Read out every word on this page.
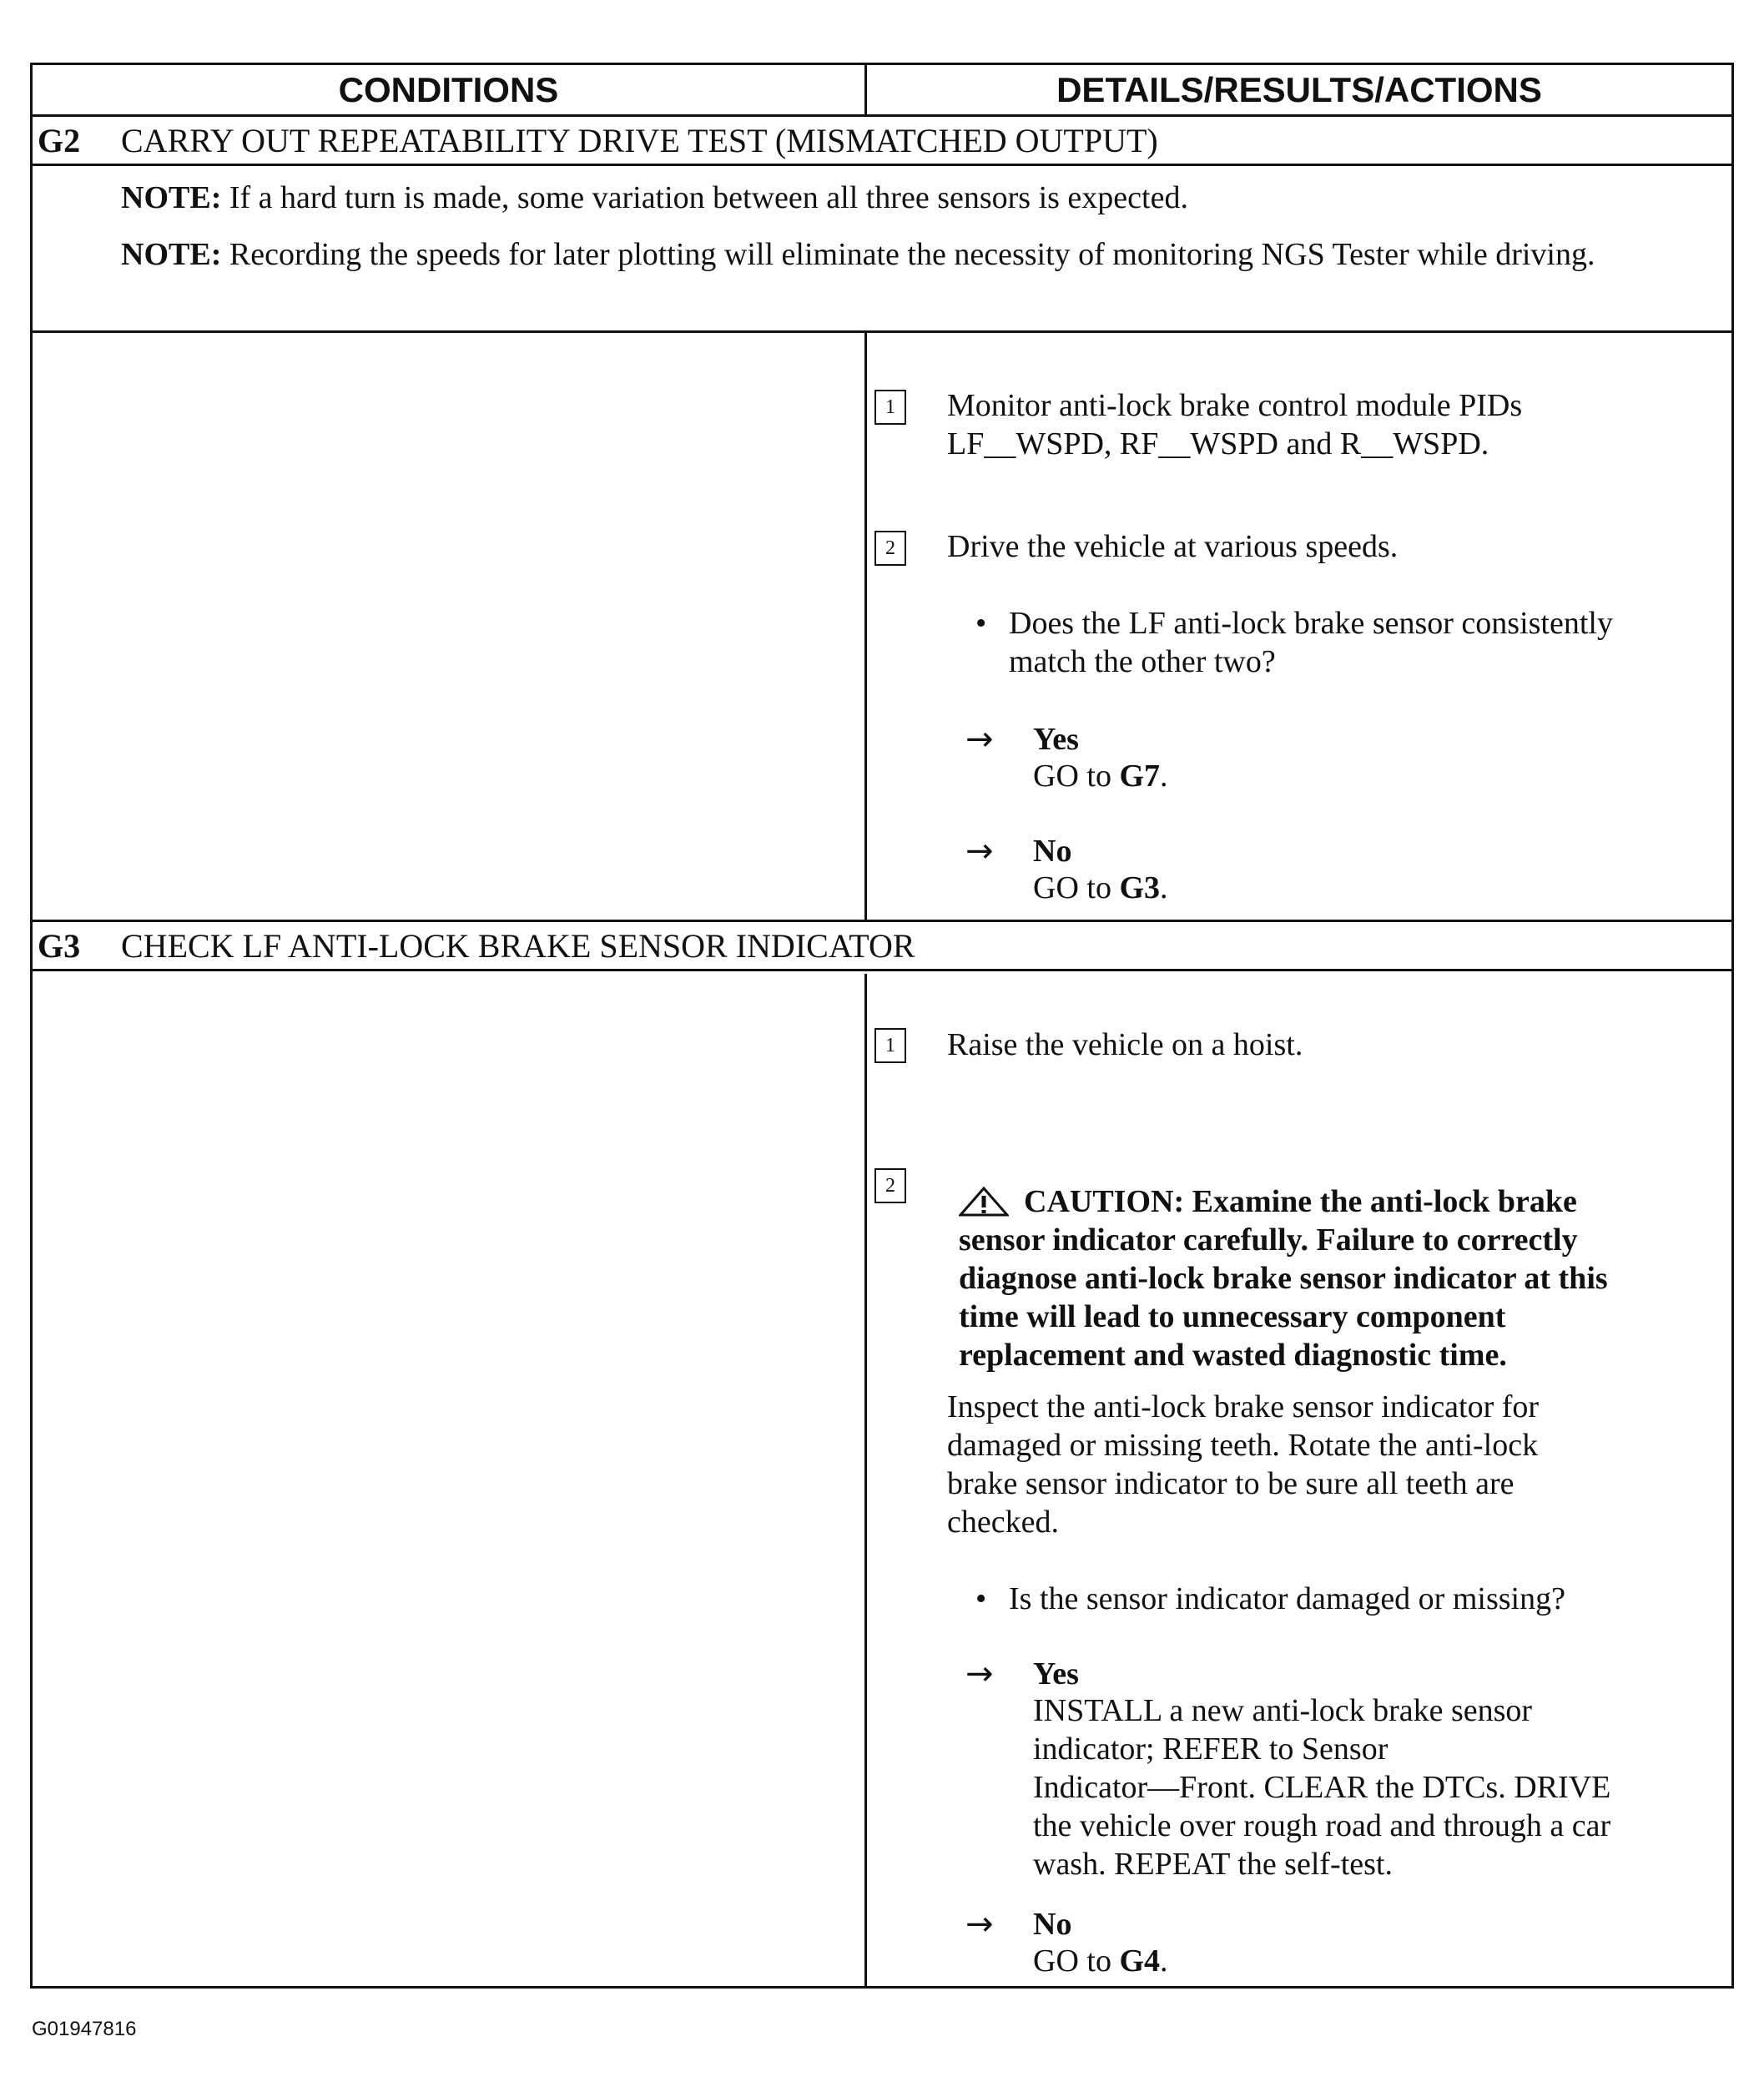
CONDITIONS	DETAILS/RESULTS/ACTIONS
G2 CARRY OUT REPEATABILITY DRIVE TEST (MISMATCHED OUTPUT)
NOTE: If a hard turn is made, some variation between all three sensors is expected.
NOTE: Recording the speeds for later plotting will eliminate the necessity of monitoring NGS Tester while driving.
1	Monitor anti-lock brake control module PIDs
LF__WSPD, RF__WSPD and R__WSPD.
2	Drive the vehicle at various speeds.
• Does the LF anti-lock brake sensor consistently
match the other two?
→ Yes
GO to G7.
→ No
GO to G3.
G3 CHECK LF ANTI-LOCK BRAKE SENSOR INDICATOR
1	Raise the vehicle on a hoist.
2	CAUTION: Examine the anti-lock brake
sensor indicator carefully. Failure to correctly
diagnose anti-lock brake sensor indicator at this
time will lead to unnecessary component
replacement and wasted diagnostic time.
Inspect the anti-lock brake sensor indicator for
damaged or missing teeth. Rotate the anti-lock
brake sensor indicator to be sure all teeth are
checked.
• Is the sensor indicator damaged or missing?
→ Yes
INSTALL a new anti-lock brake sensor
indicator; REFER to Sensor
Indicator—Front. CLEAR the DTCs. DRIVE
the vehicle over rough road and through a car
wash. REPEAT the self-test.
→ No
GO to G4.
G01947816
